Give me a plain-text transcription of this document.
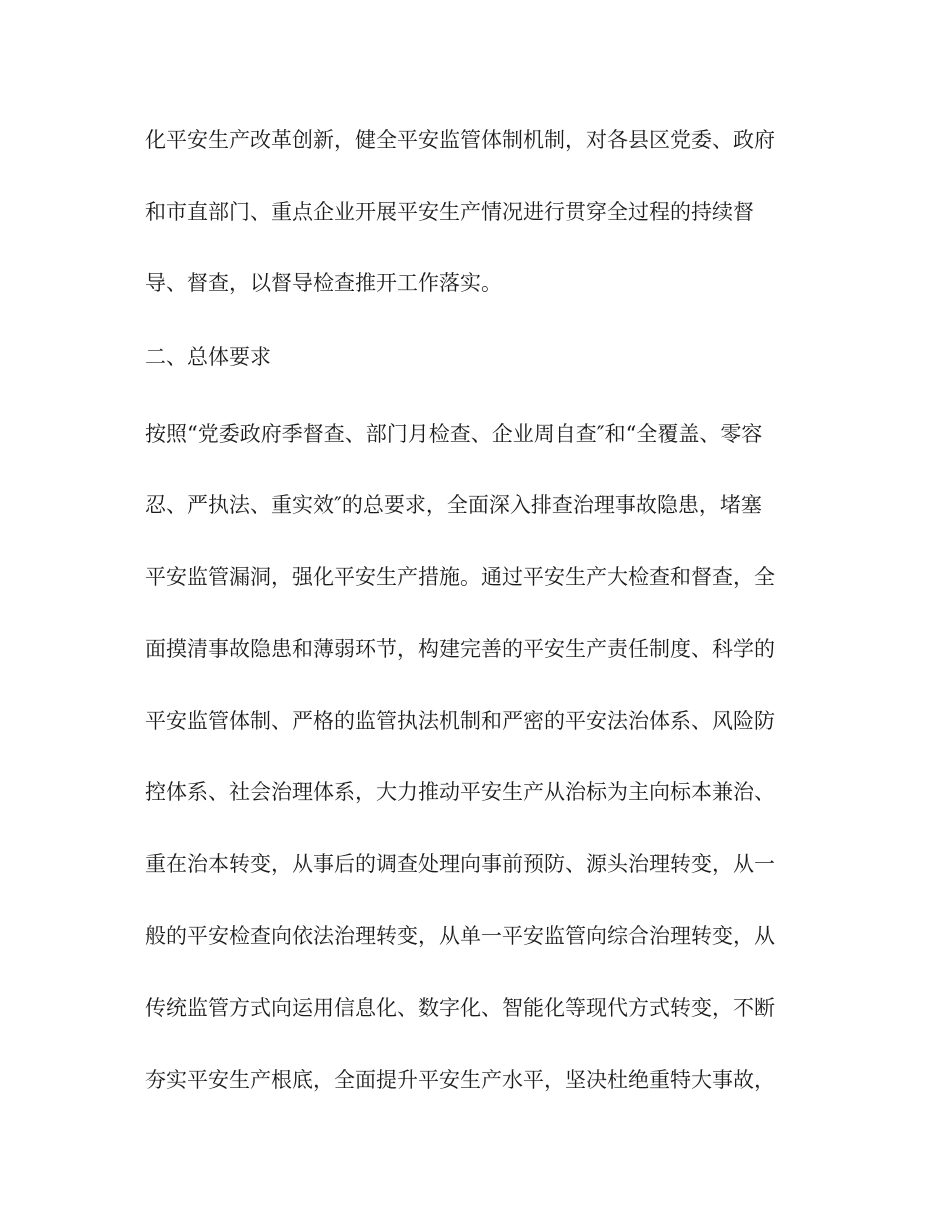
化平安生产改革创新，健全平安监管体制机制，对各县区党委、政府
和市直部门、重点企业开展平安生产情况进行贯穿全过程的持续督
导、督查，以督导检查推开工作落实。
二、总体要求
按照“党委政府季督查、部门月检查、企业周自查″和“全覆盖、零容
忍、严执法、重实效″的总要求，全面深入排查治理事故隐患，堵塞
平安监管漏洞，强化平安生产措施。通过平安生产大检查和督查，全
面摸清事故隐患和薄弱环节，构建完善的平安生产责任制度、科学的
平安监管体制、严格的监管执法机制和严密的平安法治体系、风险防
控体系、社会治理体系，大力推动平安生产从治标为主向标本兼治、
重在治本转变，从事后的调查处理向事前预防、源头治理转变，从一
般的平安检查向依法治理转变，从单一平安监管向综合治理转变，从
传统监管方式向运用信息化、数字化、智能化等现代方式转变，不断
夯实平安生产根底，全面提升平安生产水平，坚决杜绝重特大事故，
